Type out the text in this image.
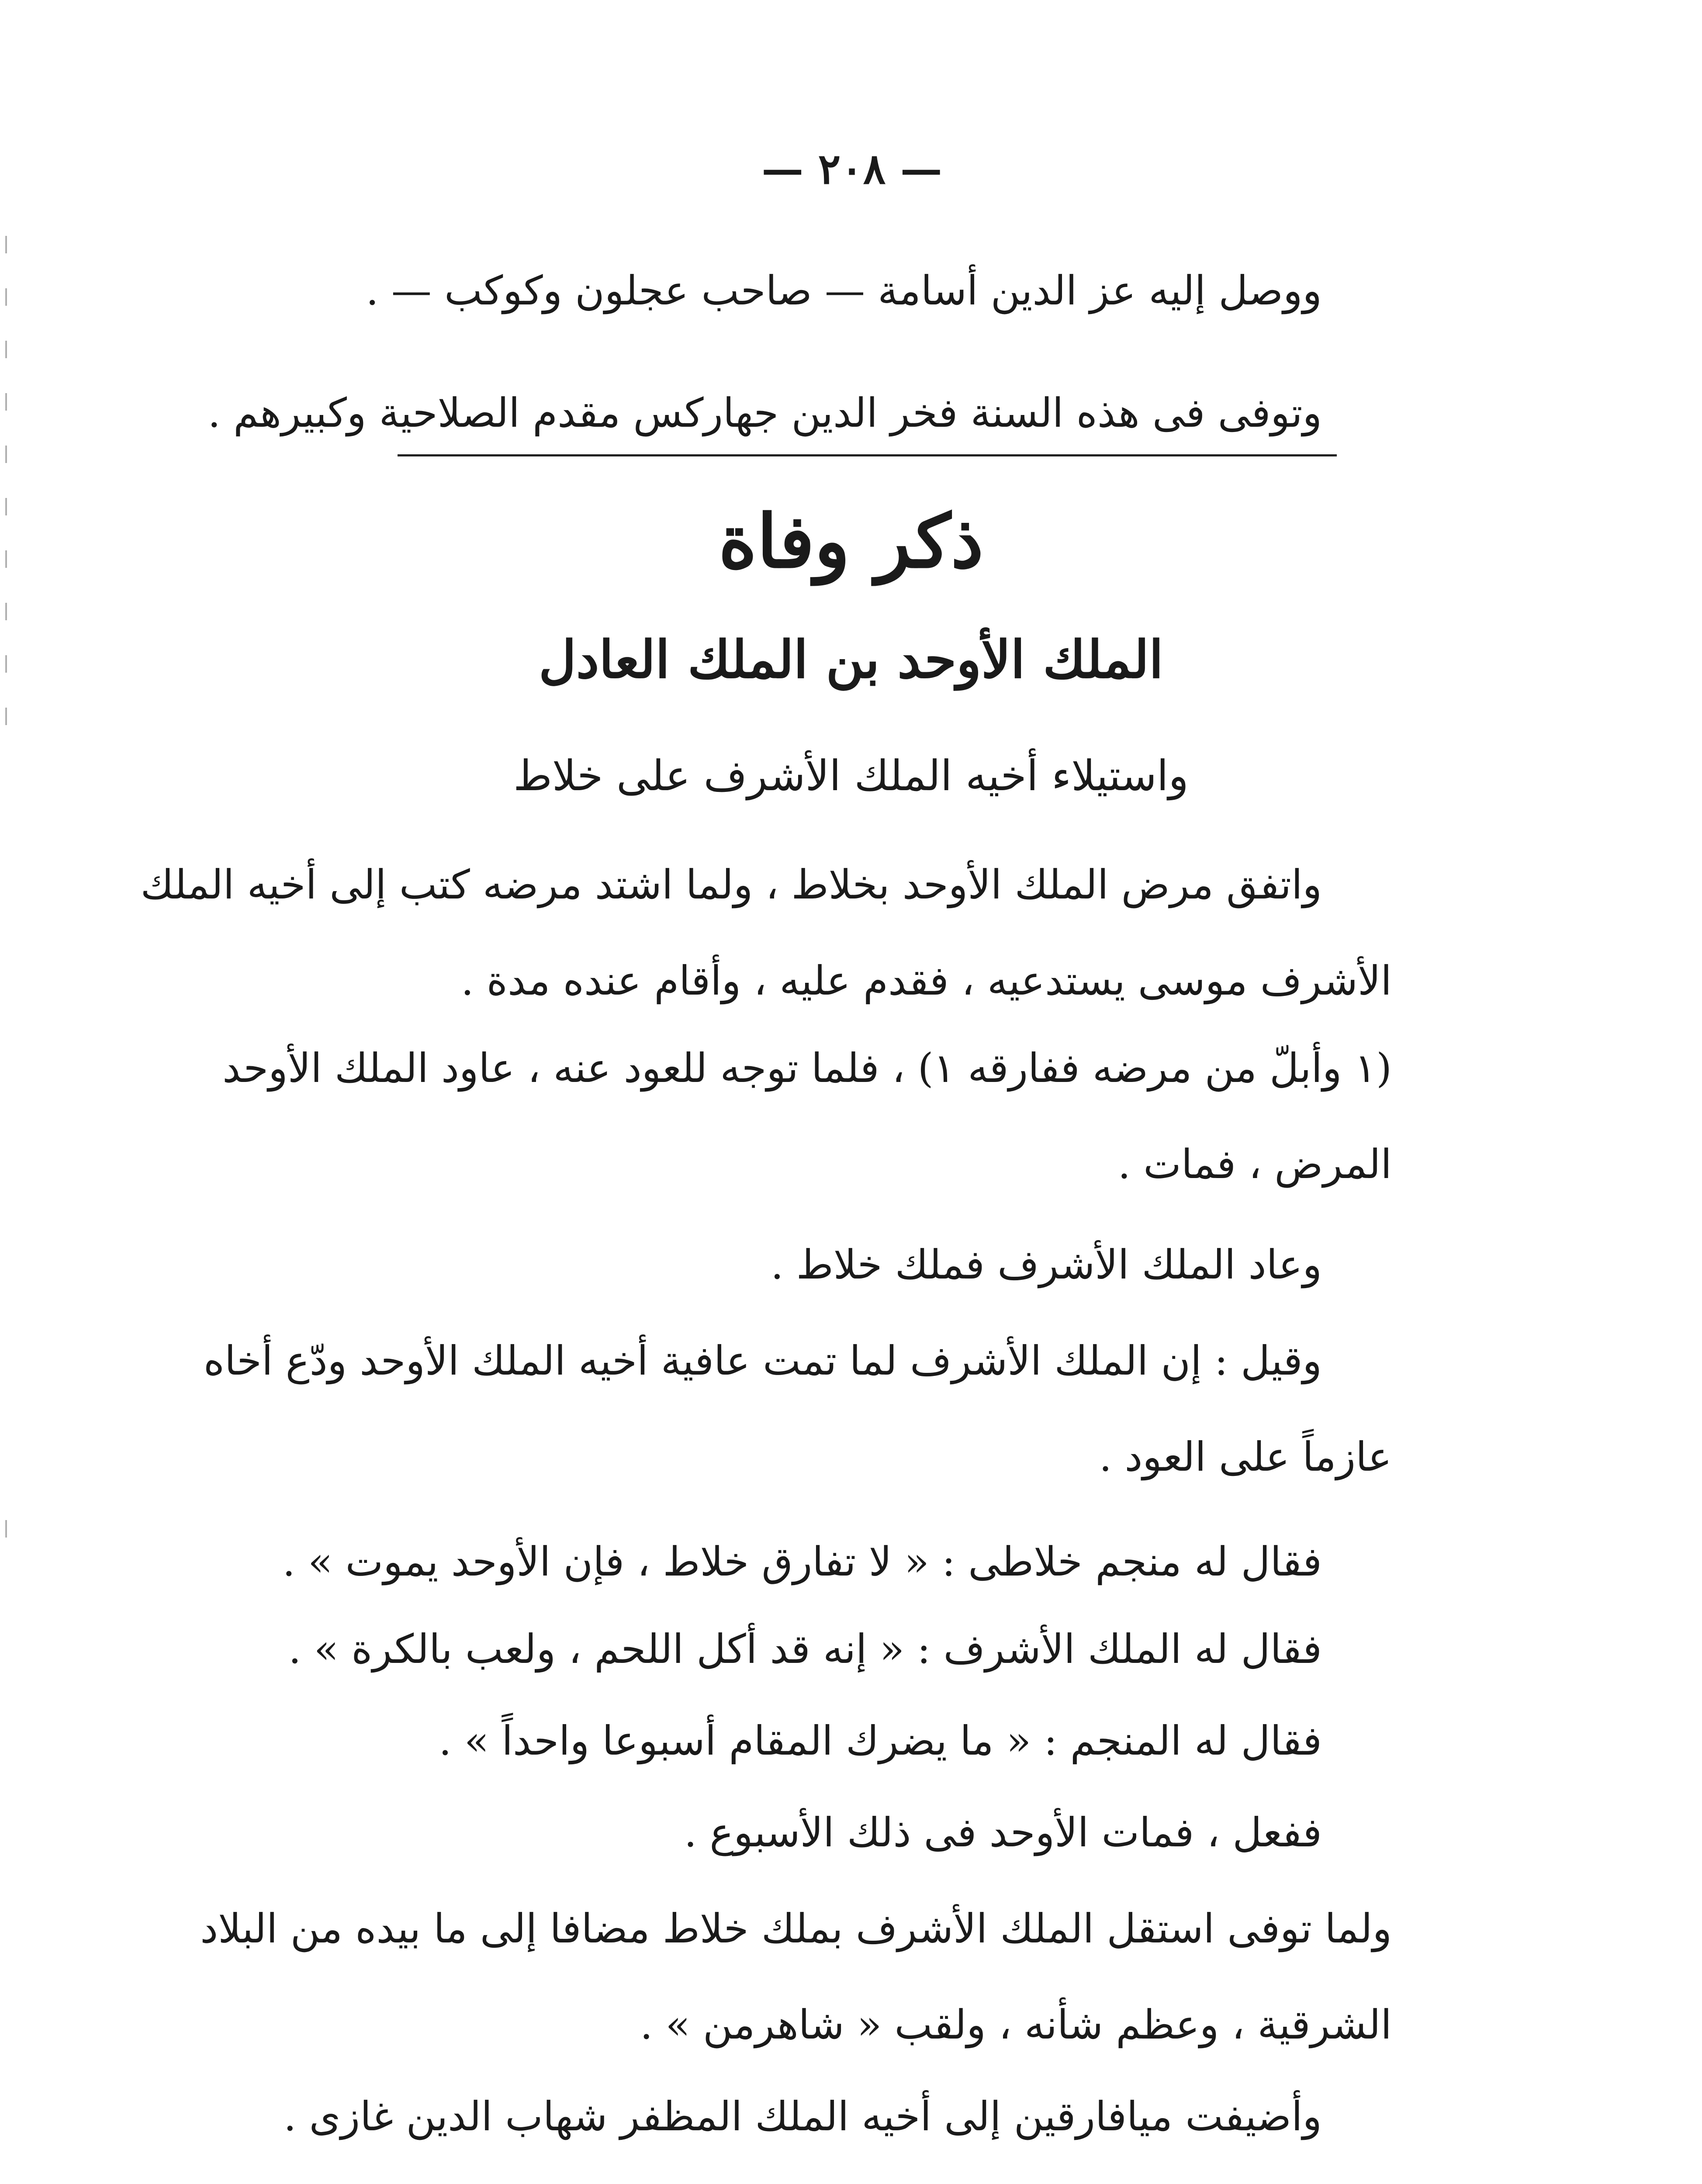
— ٢٠٨ —
ووصل إليه عز الدين أسامة — صاحب عجلون وكوكب — .
وتوفى فى هذه السنة فخر الدين جهاركس مقدم الصلاحية وكبيرهم .
ذكر وفاة
الملك الأوحد بن الملك العادل
واستيلاء أخيه الملك الأشرف على خلاط
واتفق مرض الملك الأوحد بخلاط ، ولما اشتد مرضه كتب إلى أخيه الملك
الأشرف موسى يستدعيه ، فقدم عليه ، وأقام عنده مدة .
(١ وأبلّ من مرضه ففارقه ١) ، فلما توجه للعود عنه ، عاود الملك الأوحد
المرض ، فمات .
وعاد الملك الأشرف فملك خلاط .
وقيل : إن الملك الأشرف لما تمت عافية أخيه الملك الأوحد ودّع أخاه
عازماً على العود .
فقال له منجم خلاطى : « لا تفارق خلاط ، فإن الأوحد يموت » .
فقال له الملك الأشرف : « إنه قد أكل اللحم ، ولعب بالكرة » .
فقال له المنجم : « ما يضرك المقام أسبوعا واحداً » .
ففعل ، فمات الأوحد فى ذلك الأسبوع .
ولما توفى استقل الملك الأشرف بملك خلاط مضافا إلى ما بيده من البلاد
الشرقية ، وعظم شأنه ، ولقب « شاهرمن » .
وأضيفت ميافارقين إلى أخيه الملك المظفر شهاب الدين غازى .
